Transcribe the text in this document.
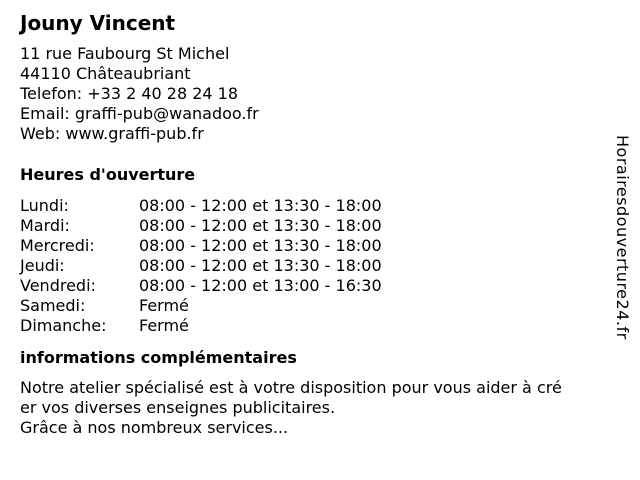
Jouny Vincent
11 rue Faubourg St Michel
44110 Châteaubriant
Telefon: +33 2 40 28 24 18
Email: graffi-pub@wanadoo.fr
Web: www.graffi-pub.fr
Heures d'ouverture
Lundi:	08:00 - 12:00 et 13:30 - 18:00
Mardi:	08:00 - 12:00 et 13:30 - 18:00
Mercredi:	08:00 - 12:00 et 13:30 - 18:00
Jeudi:	08:00 - 12:00 et 13:30 - 18:00
Vendredi:	08:00 - 12:00 et 13:00 - 16:30
Samedi:	Fermé
Dimanche:	Fermé
informations complémentaires
Notre atelier spécialisé est à votre disposition pour vous aider à cré
er vos diverses enseignes publicitaires.
Grâce à nos nombreux services...
Horairesdouverture24.fr
